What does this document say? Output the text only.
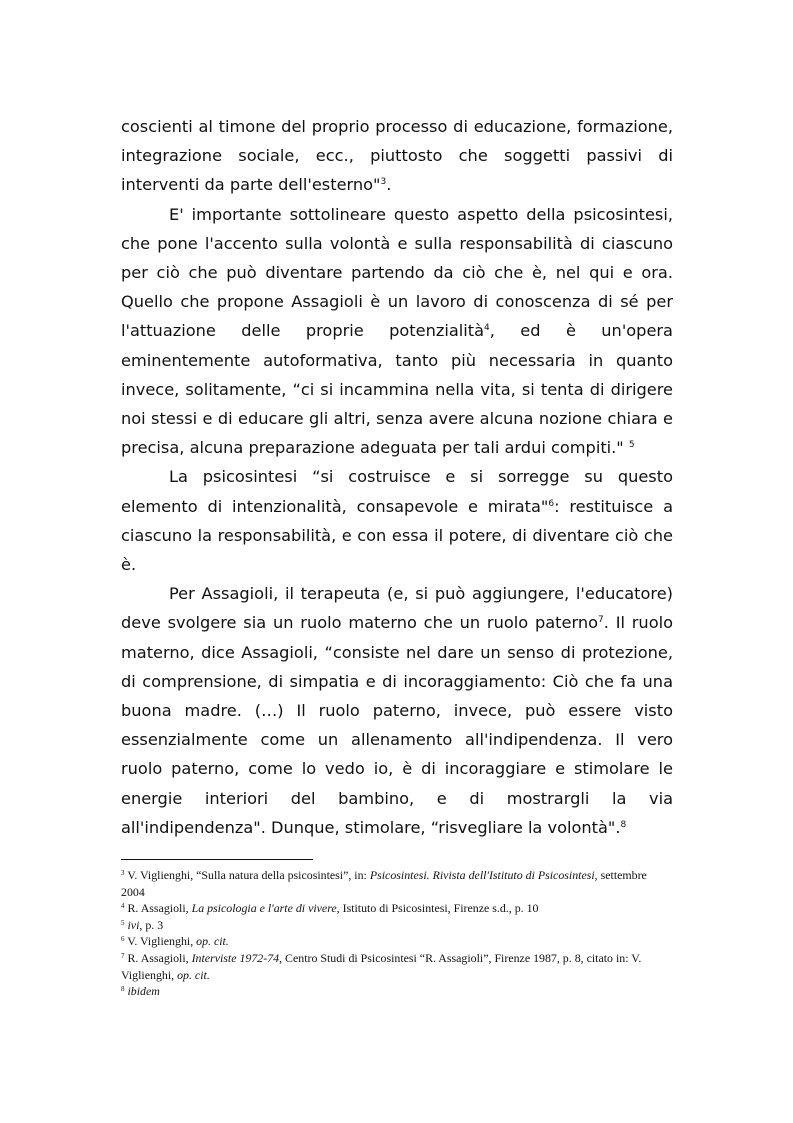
coscienti al timone del proprio processo di educazione, formazione, integrazione sociale, ecc., piuttosto che soggetti passivi di interventi da parte dell'esterno"$^3$.

E' importante sottolineare questo aspetto della psicosintesi, che pone l'accento sulla volontà e sulla responsabilità di ciascuno per ciò che può diventare partendo da ciò che è, nel qui e ora. Quello che propone Assagioli è un lavoro di conoscenza di sé per l'attuazione delle proprie potenzialità$^4$, ed è un'opera eminentemente autoformativa, tanto più necessaria in quanto invece, solitamente, “ci si incammina nella vita, si tenta di dirigere noi stessi e di educare gli altri, senza avere alcuna nozione chiara e precisa, alcuna preparazione adeguata per tali ardui compiti." $^5$

La psicosintesi “si costruisce e si sorregge su questo elemento di intenzionalità, consapevole e mirata"$^6$: restituisce a ciascuno la responsabilità, e con essa il potere, di diventare ciò che è.

Per Assagioli, il terapeuta (e, si può aggiungere, l'educatore) deve svolgere sia un ruolo materno che un ruolo paterno$^7$. Il ruolo materno, dice Assagioli, “consiste nel dare un senso di protezione, di comprensione, di simpatia e di incoraggiamento: Ciò che fa una buona madre. (…) Il ruolo paterno, invece, può essere visto essenzialmente come un allenamento all'indipendenza. Il vero ruolo paterno, come lo vedo io, è di incoraggiare e stimolare le energie interiori del bambino, e di mostrargli la via all'indipendenza". Dunque, stimolare, “risvegliare la volontà".$^8$

$^3$ V. Viglienghi, “Sulla natura della psicosintesi”, in: Psicosintesi. Rivista dell'Istituto di Psicosintesi, settembre 2004

$^4$ R. Assagioli, La psicologia e l'arte di vivere, Istituto di Psicosintesi, Firenze s.d., p. 10

$^5$ ivi, p. 3

$^6$ V. Viglienghi, op. cit.

$^7$ R. Assagioli, Interviste 1972-74, Centro Studi di Psicosintesi “R. Assagioli”, Firenze 1987, p. 8, citato in: V. Viglienghi, op. cit.

$^8$ ibidem
